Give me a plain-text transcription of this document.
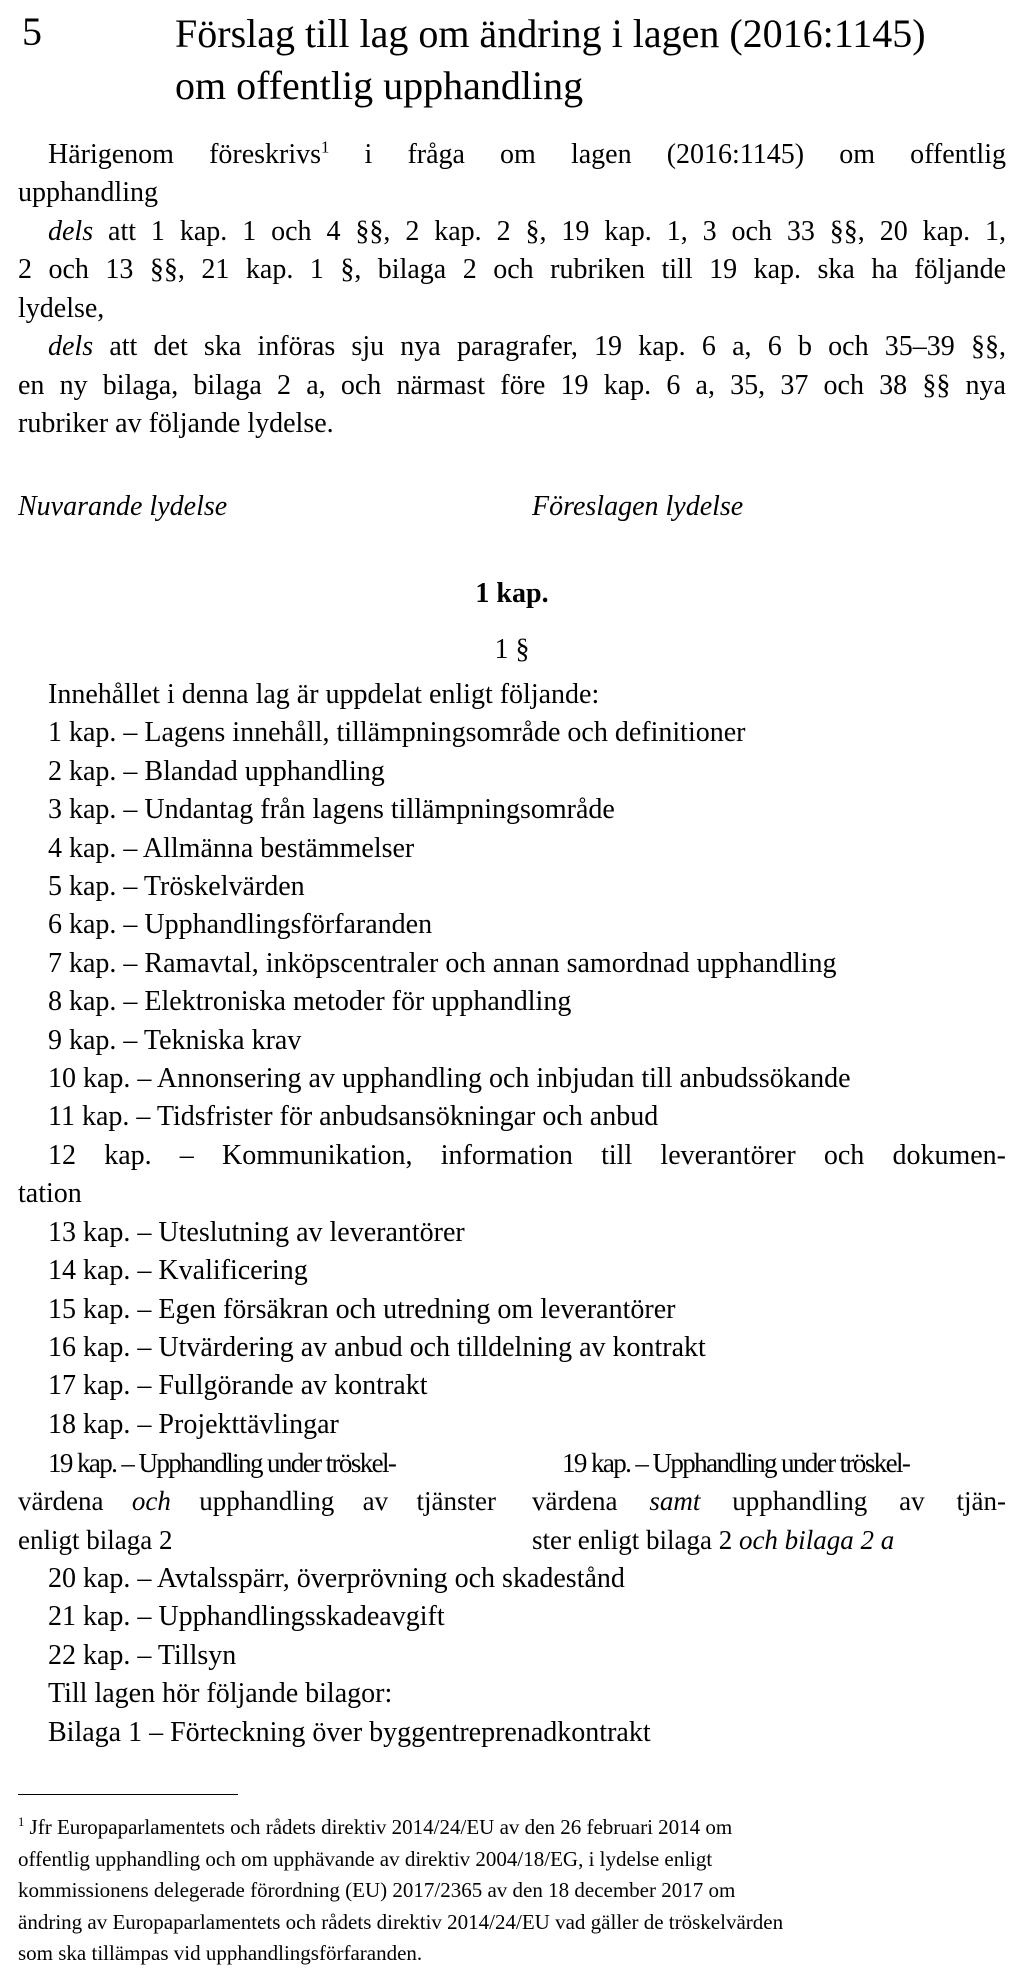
5	Förslag till lag om ändring i lagen (2016:1145)
om offentlig upphandling
Härigenom föreskrivs$^1$ i fråga om lagen (2016:1145) om offentlig
upphandling
dels att 1 kap. 1 och 4 §§, 2 kap. 2 §, 19 kap. 1, 3 och 33 §§, 20 kap. 1,
2 och 13 §§, 21 kap. 1 §, bilaga 2 och rubriken till 19 kap. ska ha följande
lydelse,
dels att det ska införas sju nya paragrafer, 19 kap. 6 a, 6 b och 35–39 §§,
en ny bilaga, bilaga 2 a, och närmast före 19 kap. 6 a, 35, 37 och 38 §§ nya
rubriker av följande lydelse.
Nuvarande lydelse	Föreslagen lydelse
1 kap.
1 §
Innehållet i denna lag är uppdelat enligt följande:
1 kap. – Lagens innehåll, tillämpningsområde och definitioner
2 kap. – Blandad upphandling
3 kap. – Undantag från lagens tillämpningsområde
4 kap. – Allmänna bestämmelser
5 kap. – Tröskelvärden
6 kap. – Upphandlingsförfaranden
7 kap. – Ramavtal, inköpscentraler och annan samordnad upphandling
8 kap. – Elektroniska metoder för upphandling
9 kap. – Tekniska krav
10 kap. – Annonsering av upphandling och inbjudan till anbudssökande
11 kap. – Tidsfrister för anbudsansökningar och anbud
12 kap. – Kommunikation, information till leverantörer och dokumen-
tation
13 kap. – Uteslutning av leverantörer
14 kap. – Kvalificering
15 kap. – Egen försäkran och utredning om leverantörer
16 kap. – Utvärdering av anbud och tilldelning av kontrakt
17 kap. – Fullgörande av kontrakt
18 kap. – Projekttävlingar
19 kap. – Upphandling under tröskel-
värdena och upphandling av tjänster
enligt bilaga 2
19 kap. – Upphandling under tröskel-
värdena samt upphandling av tjän-
ster enligt bilaga 2 och bilaga 2 a
20 kap. – Avtalsspärr, överprövning och skadestånd
21 kap. – Upphandlingsskadeavgift
22 kap. – Tillsyn
Till lagen hör följande bilagor:
Bilaga 1 – Förteckning över byggentreprenadkontrakt
$^1$ Jfr Europaparlamentets och rådets direktiv 2014/24/EU av den 26 februari 2014 om
offentlig upphandling och om upphävande av direktiv 2004/18/EG, i lydelse enligt
kommissionens delegerade förordning (EU) 2017/2365 av den 18 december 2017 om
ändring av Europaparlamentets och rådets direktiv 2014/24/EU vad gäller de tröskelvärden
som ska tillämpas vid upphandlingsförfaranden.
